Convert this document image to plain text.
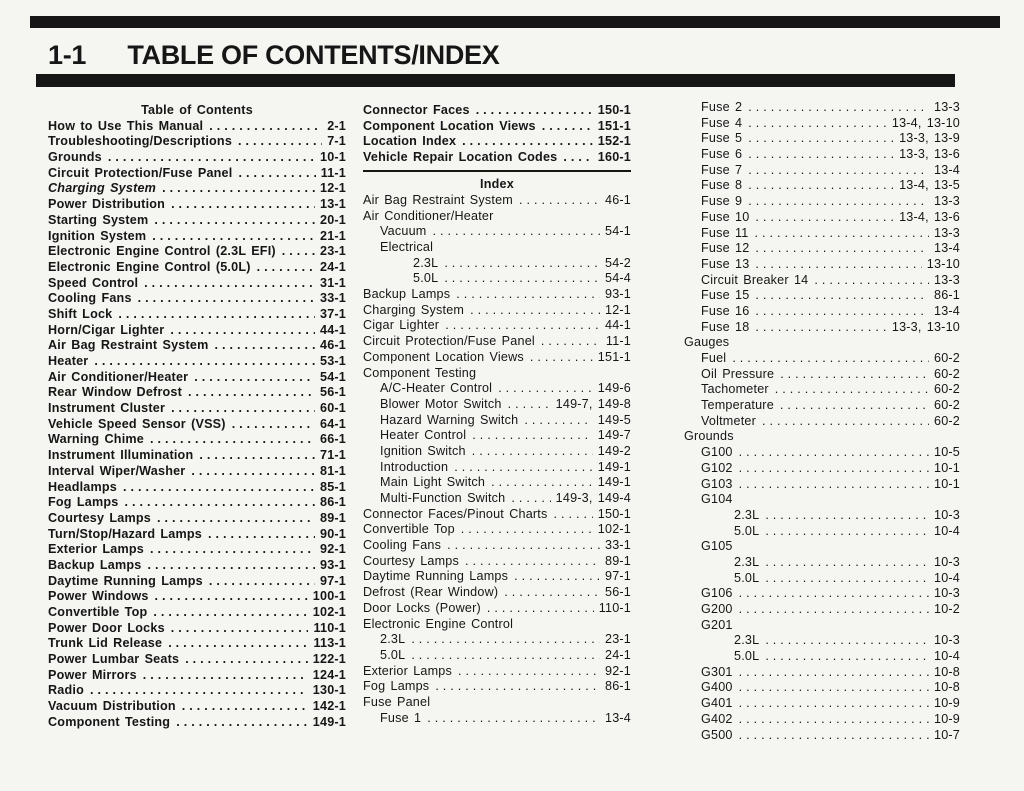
1-1 TABLE OF CONTENTS/INDEX
Table of Contents
How to Use This Manual .....	2-1
Troubleshooting/Descriptions .....	7-1
Grounds .....	10-1
Circuit Protection/Fuse Panel .....	11-1
Charging System .....	12-1
Power Distribution .....	13-1
Starting System .....	20-1
Ignition System .....	21-1
Electronic Engine Control (2.3L EFI) .....	23-1
Electronic Engine Control (5.0L) .....	24-1
Speed Control .....	31-1
Cooling Fans .....	33-1
Shift Lock .....	37-1
Horn/Cigar Lighter .....	44-1
Air Bag Restraint System .....	46-1
Heater .....	53-1
Air Conditioner/Heater .....	54-1
Rear Window Defrost .....	56-1
Instrument Cluster .....	60-1
Vehicle Speed Sensor (VSS) .....	64-1
Warning Chime .....	66-1
Instrument Illumination .....	71-1
Interval Wiper/Washer .....	81-1
Headlamps .....	85-1
Fog Lamps .....	86-1
Courtesy Lamps .....	89-1
Turn/Stop/Hazard Lamps .....	90-1
Exterior Lamps .....	92-1
Backup Lamps .....	93-1
Daytime Running Lamps .....	97-1
Power Windows .....	100-1
Convertible Top .....	102-1
Power Door Locks .....	110-1
Trunk Lid Release .....	113-1
Power Lumbar Seats .....	122-1
Power Mirrors .....	124-1
Radio .....	130-1
Vacuum Distribution .....	142-1
Component Testing .....	149-1
Connector Faces .....	150-1
Component Location Views .....	151-1
Location Index .....	152-1
Vehicle Repair Location Codes .....	160-1
Index
Air Bag Restraint System .....	46-1
Air Conditioner/Heater
Vacuum .....	54-1
Electrical
2.3L .....	54-2
5.0L .....	54-4
Backup Lamps .....	93-1
Charging System .....	12-1
Cigar Lighter .....	44-1
Circuit Protection/Fuse Panel .....	11-1
Component Location Views .....	151-1
Component Testing
A/C-Heater Control .....	149-6
Blower Motor Switch .....	149-7, 149-8
Hazard Warning Switch .....	149-5
Heater Control .....	149-7
Ignition Switch .....	149-2
Introduction .....	149-1
Main Light Switch .....	149-1
Multi-Function Switch .....	149-3, 149-4
Connector Faces/Pinout Charts .....	150-1
Convertible Top .....	102-1
Cooling Fans .....	33-1
Courtesy Lamps .....	89-1
Daytime Running Lamps .....	97-1
Defrost (Rear Window) .....	56-1
Door Locks (Power) .....	110-1
Electronic Engine Control
2.3L .....	23-1
5.0L .....	24-1
Exterior Lamps .....	92-1
Fog Lamps .....	86-1
Fuse Panel
Fuse 1 .....	13-4
Fuse 2 .....	13-3
Fuse 4 .....	13-4, 13-10
Fuse 5 .....	13-3, 13-9
Fuse 6 .....	13-3, 13-6
Fuse 7 .....	13-4
Fuse 8 .....	13-4, 13-5
Fuse 9 .....	13-3
Fuse 10 .....	13-4, 13-6
Fuse 11 .....	13-3
Fuse 12 .....	13-4
Fuse 13 .....	13-10
Circuit Breaker 14 .....	13-3
Fuse 15 .....	86-1
Fuse 16 .....	13-4
Fuse 18 .....	13-3, 13-10
Gauges
Fuel .....	60-2
Oil Pressure .....	60-2
Tachometer .....	60-2
Temperature .....	60-2
Voltmeter .....	60-2
Grounds
G100 .....	10-5
G102 .....	10-1
G103 .....	10-1
G104
2.3L .....	10-3
5.0L .....	10-4
G105
2.3L .....	10-3
5.0L .....	10-4
G106 .....	10-3
G200 .....	10-2
G201
2.3L .....	10-3
5.0L .....	10-4
G301 .....	10-8
G400 .....	10-8
G401 .....	10-9
G402 .....	10-9
G500 .....	10-7
